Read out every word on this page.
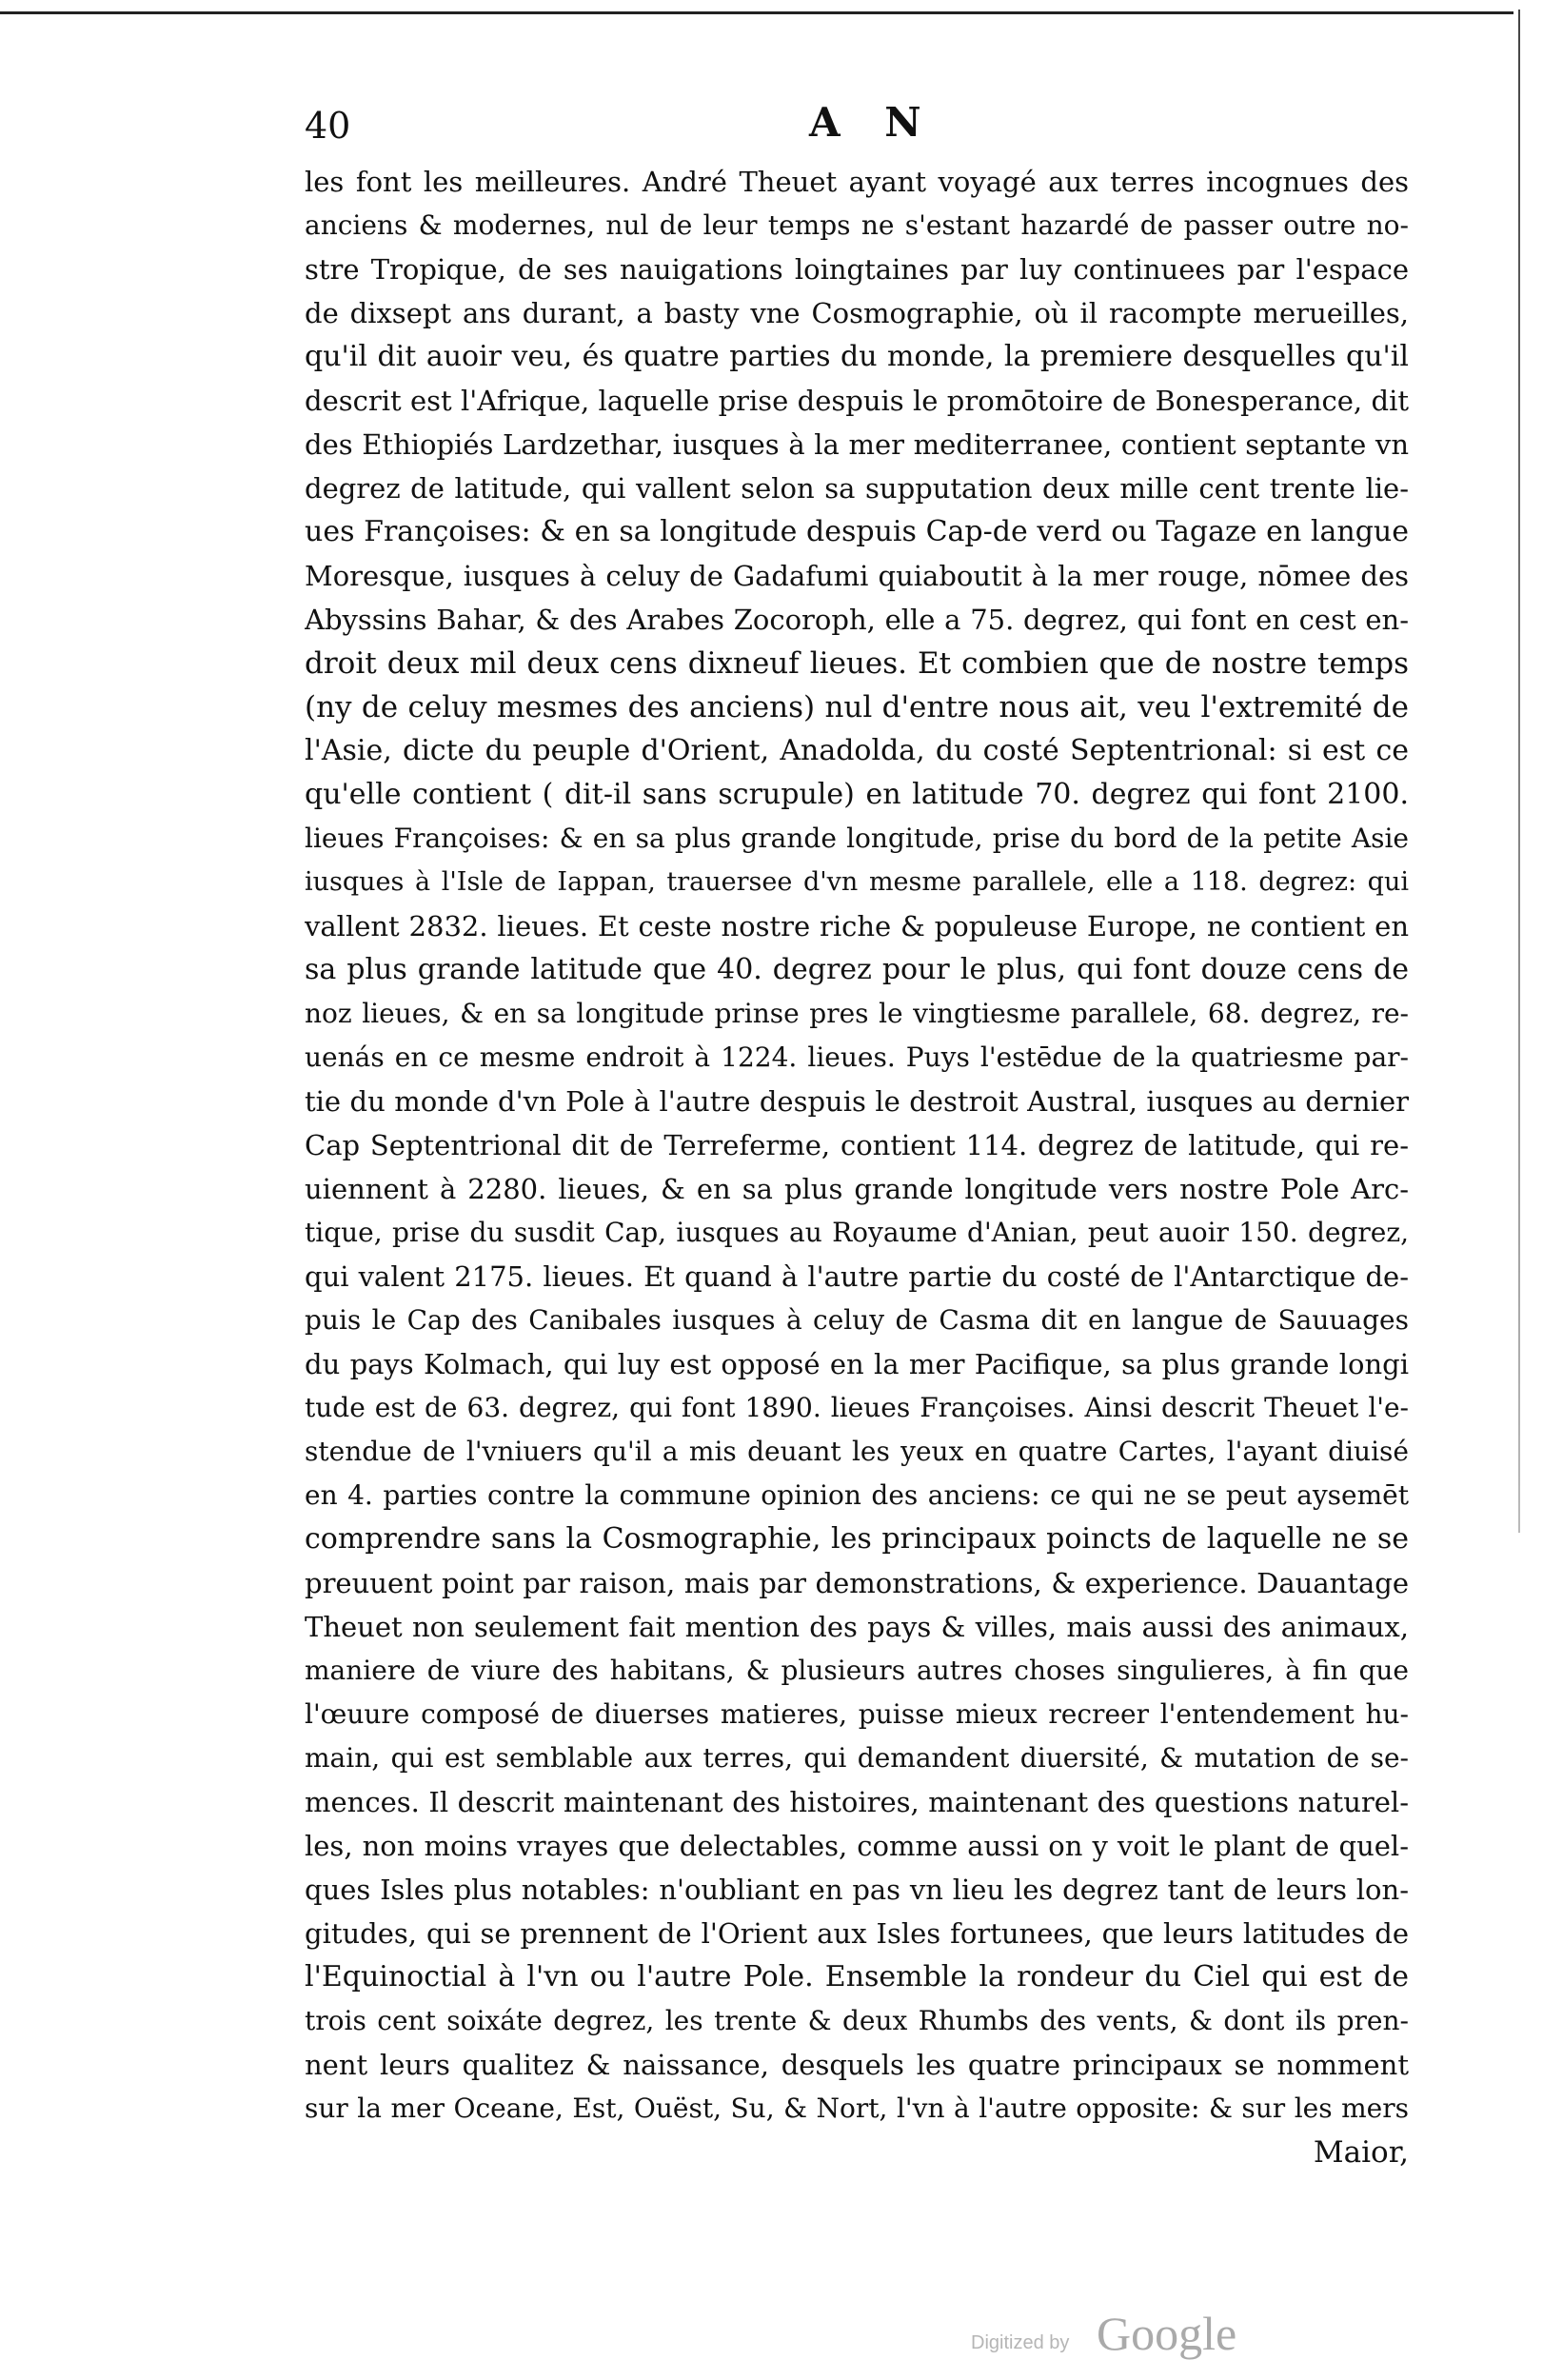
40	A N
les font les meilleures. André Theuet ayant voyagé aux terres incognues des
anciens & modernes, nul de leur temps ne s'estant hazardé de passer outre no-
stre Tropique, de ses nauigations loingtaines par luy continuees par l'espace
de dixsept ans durant, a basty vne Cosmographie, où il racompte merueilles,
qu'il dit auoir veu, és quatre parties du monde, la premiere desquelles qu'il
descrit est l'Afrique, laquelle prise despuis le promōtoire de Bonesperance, dit
des Ethiopiés Lardzethar, iusques à la mer mediterranee, contient septante vn
degrez de latitude, qui vallent selon sa supputation deux mille cent trente lie-
ues Françoises: & en sa longitude despuis Cap-de verd ou Tagaze en langue
Moresque, iusques à celuy de Gadafumi quiaboutit à la mer rouge, nōmee des
Abyssins Bahar, & des Arabes Zocoroph, elle a 75. degrez, qui font en cest en-
droit deux mil deux cens dixneuf lieues. Et combien que de nostre temps
(ny de celuy mesmes des anciens) nul d'entre nous ait, veu l'extremité de
l'Asie, dicte du peuple d'Orient, Anadolda, du costé Septentrional: si est ce
qu'elle contient ( dit-il sans scrupule) en latitude 70. degrez qui font 2100.
lieues Françoises: & en sa plus grande longitude, prise du bord de la petite Asie
iusques à l'Isle de Iappan, trauersee d'vn mesme parallele, elle a 118. degrez: qui
vallent 2832. lieues. Et ceste nostre riche & populeuse Europe, ne contient en
sa plus grande latitude que 40. degrez pour le plus, qui font douze cens de
noz lieues, & en sa longitude prinse pres le vingtiesme parallele, 68. degrez, re-
uenás en ce mesme endroit à 1224. lieues. Puys l'estēdue de la quatriesme par-
tie du monde d'vn Pole à l'autre despuis le destroit Austral, iusques au dernier
Cap Septentrional dit de Terreferme, contient 114. degrez de latitude, qui re-
uiennent à 2280. lieues, & en sa plus grande longitude vers nostre Pole Arc-
tique, prise du susdit Cap, iusques au Royaume d'Anian, peut auoir 150. degrez,
qui valent 2175. lieues. Et quand à l'autre partie du costé de l'Antarctique de-
puis le Cap des Canibales iusques à celuy de Casma dit en langue de Sauuages
du pays Kolmach, qui luy est opposé en la mer Pacifique, sa plus grande longi
tude est de 63. degrez, qui font 1890. lieues Françoises. Ainsi descrit Theuet l'e-
stendue de l'vniuers qu'il a mis deuant les yeux en quatre Cartes, l'ayant diuisé
en 4. parties contre la commune opinion des anciens: ce qui ne se peut aysemēt
comprendre sans la Cosmographie, les principaux poincts de laquelle ne se
preuuent point par raison, mais par demonstrations, & experience. Dauantage
Theuet non seulement fait mention des pays & villes, mais aussi des animaux,
maniere de viure des habitans, & plusieurs autres choses singulieres, à fin que
l'œuure composé de diuerses matieres, puisse mieux recreer l'entendement hu-
main, qui est semblable aux terres, qui demandent diuersité, & mutation de se-
mences. Il descrit maintenant des histoires, maintenant des questions naturel-
les, non moins vrayes que delectables, comme aussi on y voit le plant de quel-
ques Isles plus notables: n'oubliant en pas vn lieu les degrez tant de leurs lon-
gitudes, qui se prennent de l'Orient aux Isles fortunees, que leurs latitudes de
l'Equinoctial à l'vn ou l'autre Pole. Ensemble la rondeur du Ciel qui est de
trois cent soixáte degrez, les trente & deux Rhumbs des vents, & dont ils pren-
nent leurs qualitez & naissance, desquels les quatre principaux se nomment
sur la mer Oceane, Est, Ouëst, Su, & Nort, l'vn à l'autre opposite: & sur les mers
Maior,
Digitized by Google
